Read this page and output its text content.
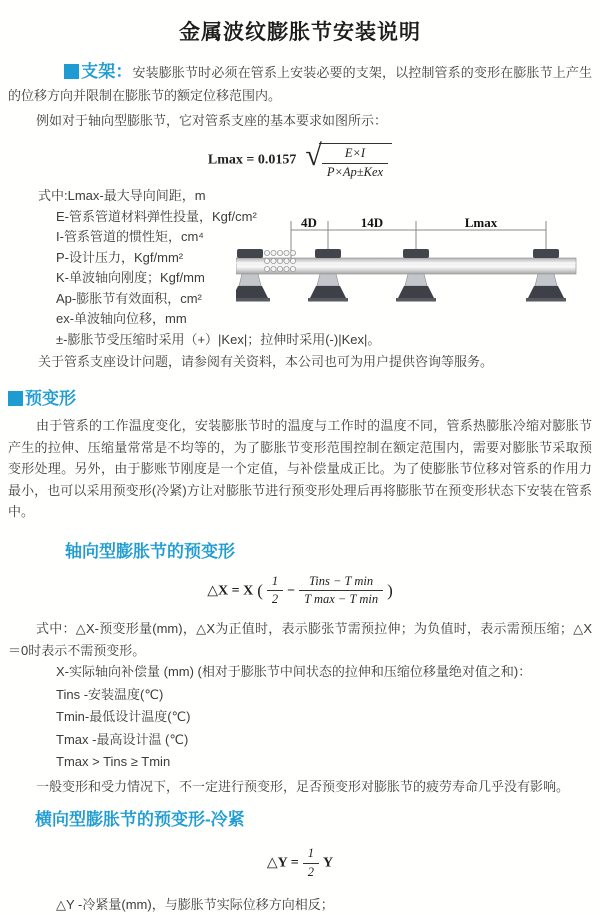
金属波纹膨胀节安装说明

支架：安装膨胀节时必须在管系上安装必要的支架，以控制管系的变形在膨胀节上产生的位移方向并限制在膨胀节的额定位移范围内。

例如对于轴向型膨胀节，它对管系支座的基本要求如图所示：

Lmax = 0.0157 √ $\frac{E\times I}{\text{P×Ap±Kex}}$
4D	14D	Lmax
式中:Lmax-最大导向间距，m
E-管系管道材料弹性投量，Kgf/cm²
I-管系管道的惯性矩，cm⁴
P-设计压力，Kgf/mm²
K-单波轴向刚度；Kgf/mm
Ap-膨胀节有效面积，cm²
ex-单波轴向位移，mm
±-膨胀节受压缩时采用（+）|Kex|；拉伸时采用(-)|Kex|。

关于管系支座设计问题，请参阅有关资料，本公司也可为用户提供咨询等服务。

预变形

由于管系的工作温度变化，安装膨胀节时的温度与工作时的温度不同，管系热膨胀冷缩对膨胀节产生的拉伸、压缩量常常是不均等的，为了膨胀节变形范围控制在额定范围内，需要对膨胀节采取预变形处理。另外，由于膨账节刚度是一个定值，与补偿量成正比。为了使膨胀节位移对管系的作用力最小，也可以采用预变形(冷紧)方让对膨胀节进行预变形处理后再将膨胀节在预变形状态下安装在管系中。

轴向型膨胀节的预变形
△X = X ( $\frac{1}{2} - \frac{\text{Tins − T min}}{\text{T max − T min}}$ )

式中：△X-预变形量(mm)，△X为正值时，表示膨张节需预拉伸；为负值时，表示需预压缩；△X＝0时表示不需预变形。

X-实际轴向补偿量 (mm) (相对于膨胀节中间状态的拉伸和压缩位移量绝对值之和)：
Tins -安装温度(℃)
Tmin-最低设计温度(℃)
Tmax -最高设计温 (℃)
Tmax > Tins ≥ Tmin

一般变形和受力情况下，不一定进行预变形，足否预变形对膨胀节的疲劳寿命几乎没有影响。

横向型膨胀节的预变形-冷紧
△Y = $\frac{1}{2}$ Y

△Y -冷紧量(mm)，与膨胀节实际位移方向相反；
